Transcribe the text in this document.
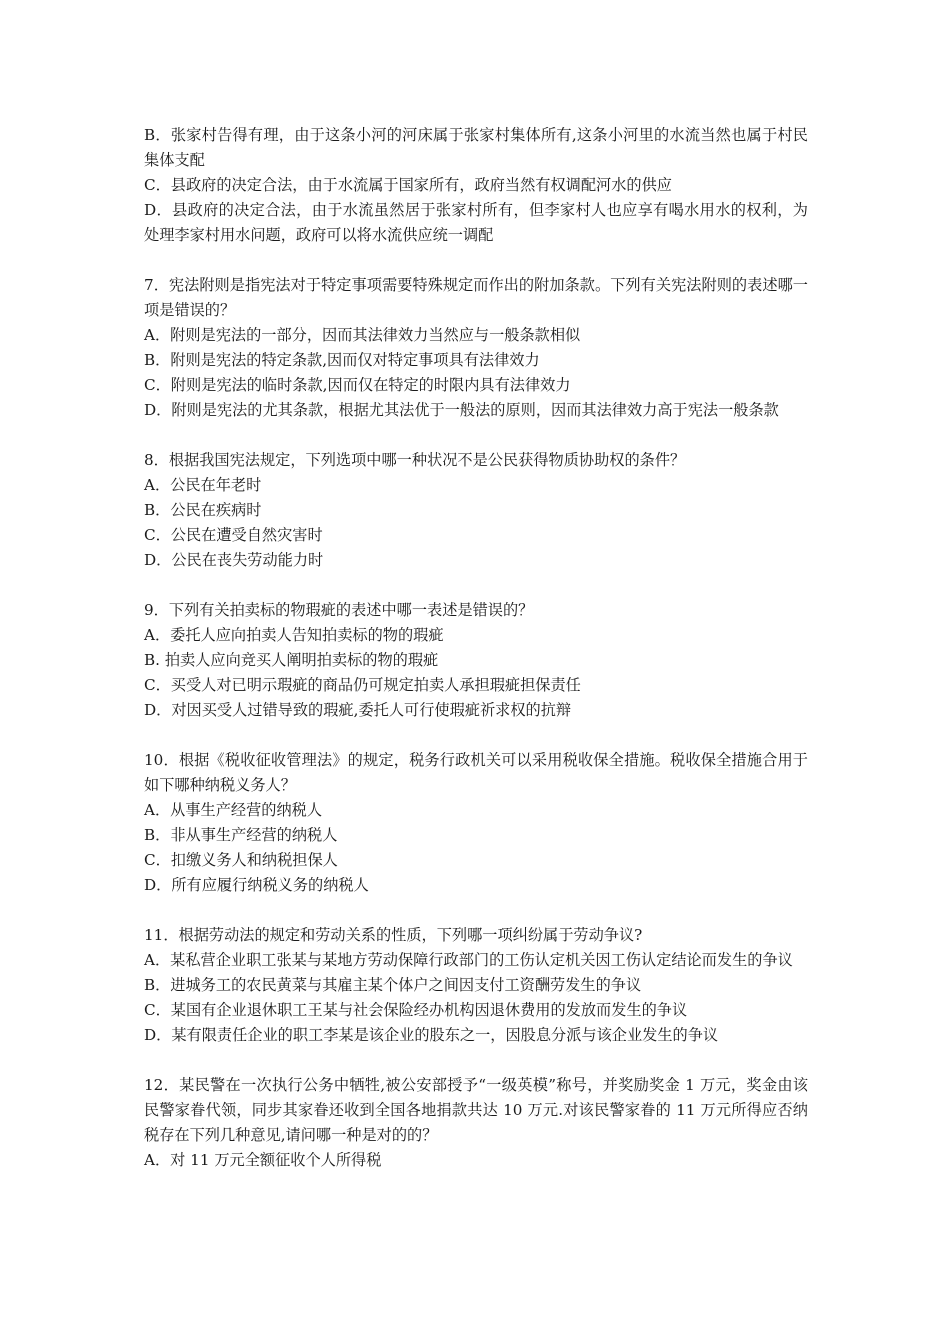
B．张家村告得有理，由于这条小河的河床属于张家村集体所有,这条小河里的水流当然也属于村民集体支配

C．县政府的决定合法，由于水流属于国家所有，政府当然有权调配河水的供应

D．县政府的决定合法，由于水流虽然居于张家村所有，但李家村人也应享有喝水用水的权利，为处理李家村用水问题，政府可以将水流供应统一调配

7．宪法附则是指宪法对于特定事项需要特殊规定而作出的附加条款。下列有关宪法附则的表述哪一项是错误的？

A．附则是宪法的一部分，因而其法律效力当然应与一般条款相似

B．附则是宪法的特定条款,因而仅对特定事项具有法律效力

C．附则是宪法的临时条款,因而仅在特定的时限内具有法律效力

D．附则是宪法的尤其条款，根据尤其法优于一般法的原则，因而其法律效力高于宪法一般条款

8．根据我国宪法规定，下列选项中哪一种状况不是公民获得物质协助权的条件？

A．公民在年老时

B．公民在疾病时

C．公民在遭受自然灾害时

D．公民在丧失劳动能力时

9．下列有关拍卖标的物瑕疵的表述中哪一表述是错误的？

A．委托人应向拍卖人告知拍卖标的物的瑕疵

B. 拍卖人应向竞买人阐明拍卖标的物的瑕疵

C．买受人对已明示瑕疵的商品仍可规定拍卖人承担瑕疵担保责任

D．对因买受人过错导致的瑕疵,委托人可行使瑕疵祈求权的抗辩

10．根据《税收征收管理法》的规定，税务行政机关可以采用税收保全措施。税收保全措施合用于如下哪种纳税义务人？

A．从事生产经营的纳税人

B．非从事生产经营的纳税人

C．扣缴义务人和纳税担保人

D．所有应履行纳税义务的纳税人

11．根据劳动法的规定和劳动关系的性质，下列哪一项纠纷属于劳动争议?

A．某私营企业职工张某与某地方劳动保障行政部门的工伤认定机关因工伤认定结论而发生的争议

B．进城务工的农民黄菜与其雇主某个体户之间因支付工资酬劳发生的争议

C．某国有企业退休职工王某与社会保险经办机构因退休费用的发放而发生的争议

D．某有限责任企业的职工李某是该企业的股东之一，因股息分派与该企业发生的争议

12．某民警在一次执行公务中牺牲,被公安部授予“一级英模”称号，并奖励奖金 1 万元，奖金由该民警家眷代领，同步其家眷还收到全国各地捐款共达 10 万元.对该民警家眷的 11 万元所得应否纳税存在下列几种意见,请问哪一种是对的的？

A．对 11 万元全额征收个人所得税
